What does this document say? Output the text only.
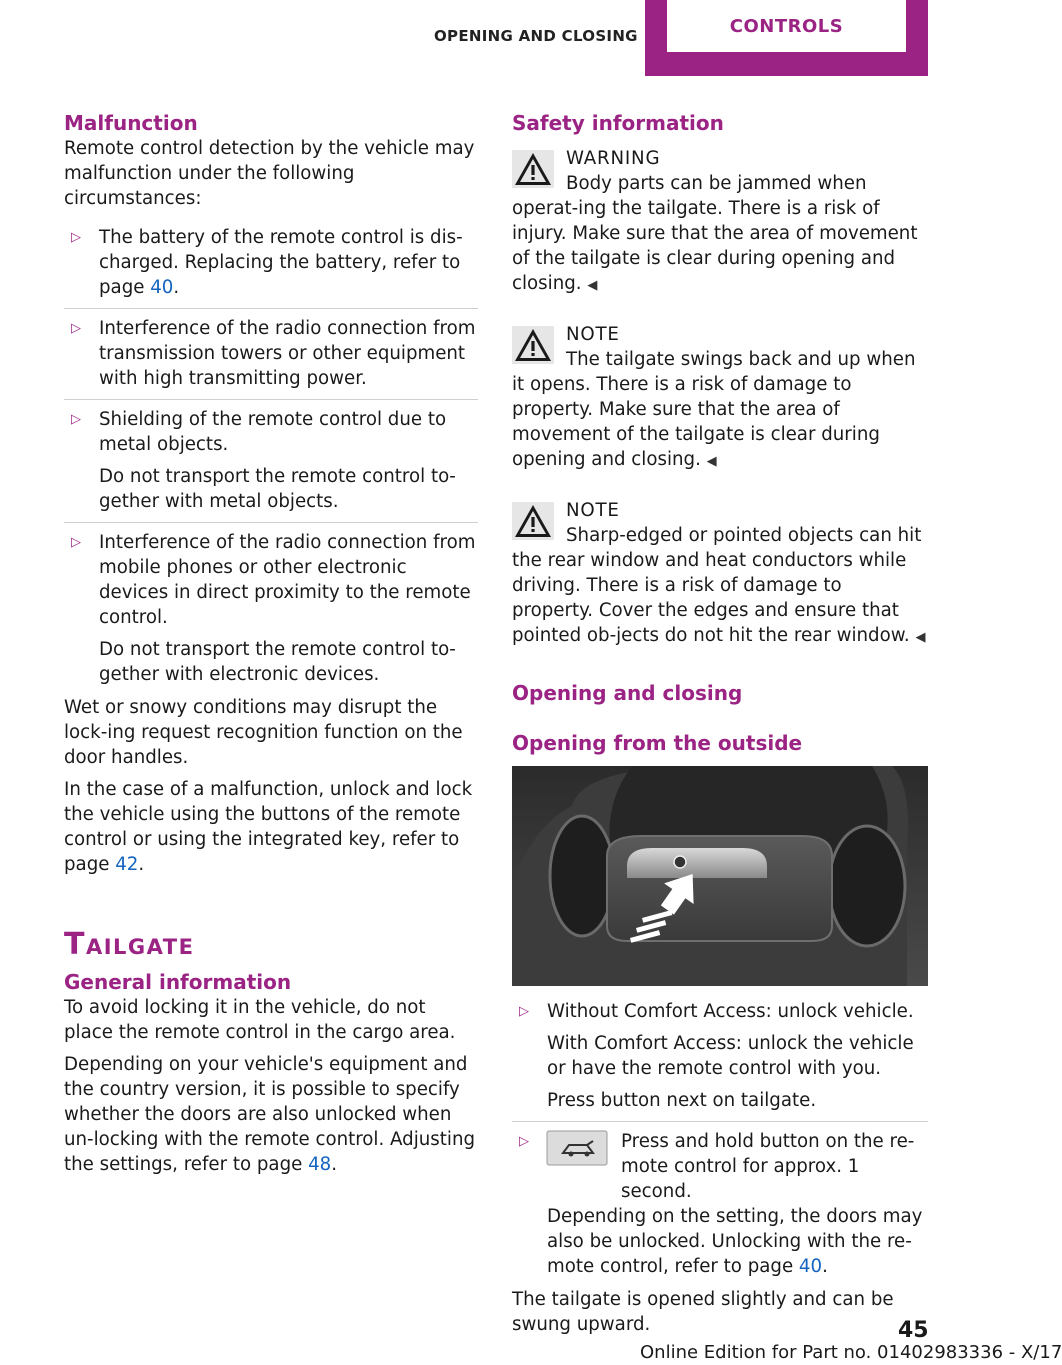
OPENING AND CLOSING	CONTROLS
Malfunction

Remote control detection by the vehicle may malfunction under the following circumstances:

▷ The battery of the remote control is dis‐charged. Replacing the battery, refer to page 40.

▷ Interference of the radio connection from transmission towers or other equipment with high transmitting power.

▷ Shielding of the remote control due to metal objects.

Do not transport the remote control to‐gether with metal objects.

▷ Interference of the radio connection from mobile phones or other electronic devices in direct proximity to the remote control.

Do not transport the remote control to‐gether with electronic devices.

Wet or snowy conditions may disrupt the lock‐ing request recognition function on the door handles.

In the case of a malfunction, unlock and lock the vehicle using the buttons of the remote control or using the integrated key, refer to page 42.

Tailgate
General information

To avoid locking it in the vehicle, do not place the remote control in the cargo area.

Depending on your vehicle's equipment and the country version, it is possible to specify whether the doors are also unlocked when un‐locking with the remote control. Adjusting the settings, refer to page 48.

Safety information
WARNING
Body parts can be jammed when operat‐ing the tailgate. There is a risk of injury. Make sure that the area of movement of the tailgate is clear during opening and closing. ◀
NOTE
The tailgate swings back and up when it opens. There is a risk of damage to property. Make sure that the area of movement of the tailgate is clear during opening and closing. ◀
NOTE
Sharp-edged or pointed objects can hit the rear window and heat conductors while driving. There is a risk of damage to property. Cover the edges and ensure that pointed ob‐jects do not hit the rear window. ◀
Opening and closing
Opening from the outside
▷ Without Comfort Access: unlock vehicle.

With Comfort Access: unlock the vehicle or have the remote control with you.

Press button next on tailgate.

▷	Press and hold button on the re‐mote control for approx. 1 second.

Depending on the setting, the doors may also be unlocked. Unlocking with the re‐mote control, refer to page 40.

The tailgate is opened slightly and can be swung upward.	45
Online Edition for Part no. 01402983336 - X/17
